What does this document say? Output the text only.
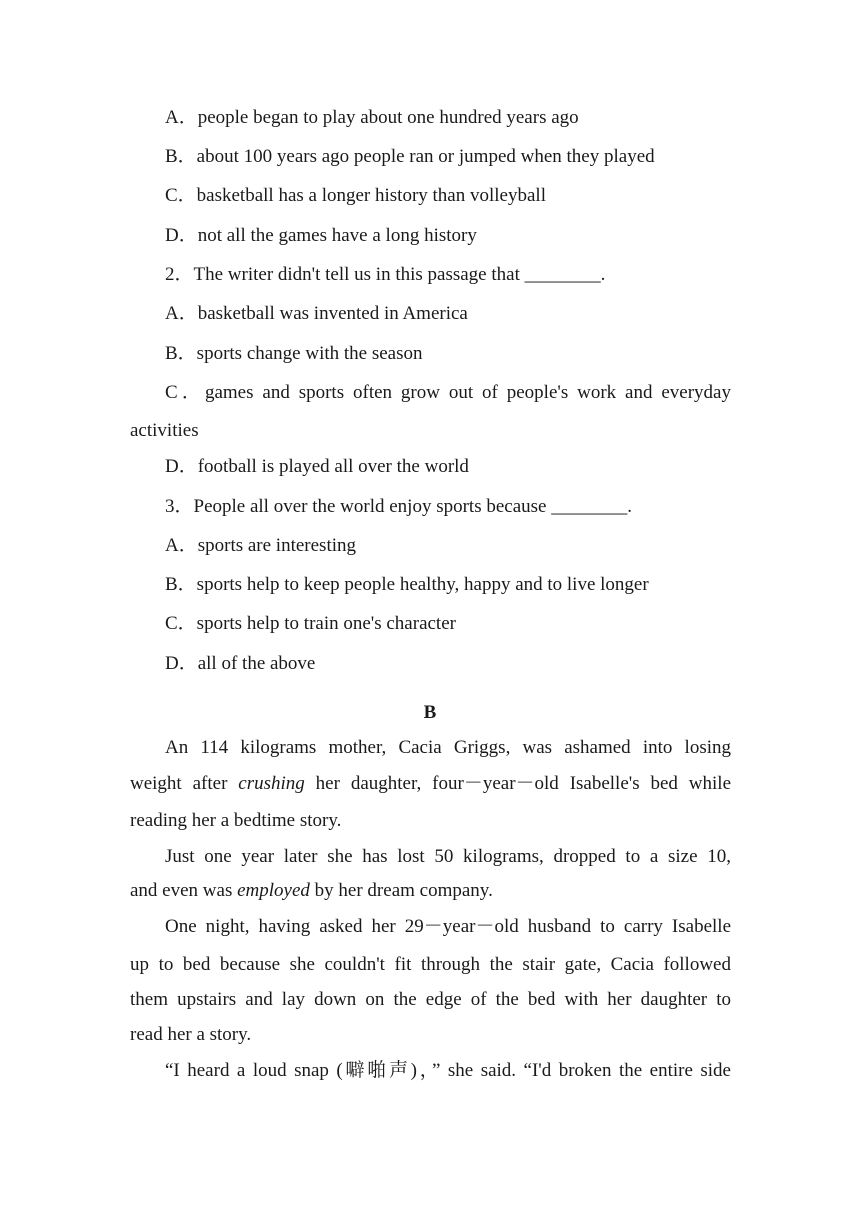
A．people began to play about one hundred years ago
B．about 100 years ago people ran or jumped when they played
C．basketball has a longer history than volleyball
D．not all the games have a long history
2．The writer didn't tell us in this passage that ________.
A．basketball was invented in America
B．sports change with the season
C．games and sports often grow out of people's work and everyday
activities
D．football is played all over the world
3．People all over the world enjoy sports because ________.
A．sports are interesting
B．sports help to keep people healthy, happy and to live longer
C．sports help to train one's character
D．all of the above
B
An 114 kilograms mother, Cacia Griggs, was ashamed into losing
weight after crushing her daughter, four－year－old Isabelle's bed while
reading her a bedtime story.
Just one year later she has lost 50 kilograms, dropped to a size 10,
and even was employed by her dream company.
One night, having asked her 29－year－old husband to carry Isabelle
up to bed because she couldn't fit through the stair gate, Cacia followed
them upstairs and lay down on the edge of the bed with her daughter to
read her a story.
“I heard a loud snap (噼啪声)，” she said. “I'd broken the entire side
